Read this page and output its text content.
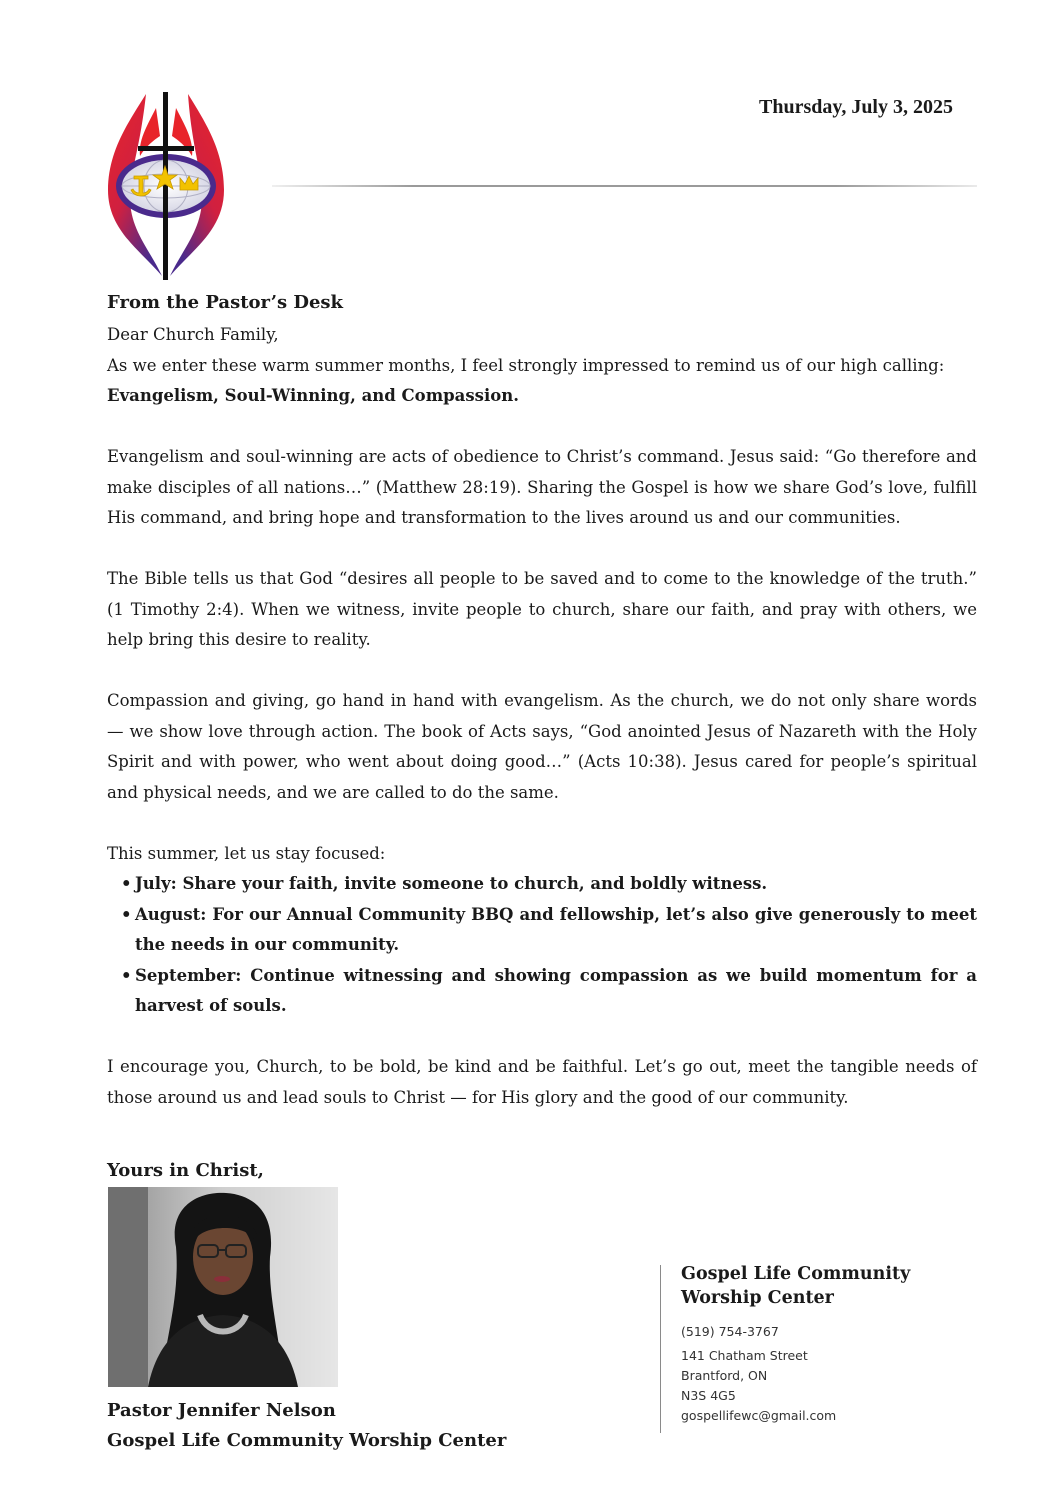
Thursday, July 3, 2025

From the Pastor’s Desk

Dear Church Family,

As we enter these warm summer months, I feel strongly impressed to remind us of our high calling:
Evangelism, Soul-Winning, and Compassion.

Evangelism and soul-winning are acts of obedience to Christ’s command. Jesus said: “Go therefore and make disciples of all nations…” (Matthew 28:19). Sharing the Gospel is how we share God’s love, fulfill His command, and bring hope and transformation to the lives around us and our communities.

The Bible tells us that God “desires all people to be saved and to come to the knowledge of the truth.” (1 Timothy 2:4). When we witness, invite people to church, share our faith, and pray with others, we help bring this desire to reality.

Compassion and giving, go hand in hand with evangelism. As the church, we do not only share words — we show love through action. The book of Acts says, “God anointed Jesus of Nazareth with the Holy Spirit and with power, who went about doing good…” (Acts 10:38). Jesus cared for people’s spiritual and physical needs, and we are called to do the same.

This summer, let us stay focused:

• July: Share your faith, invite someone to church, and boldly witness.
• August: For our Annual Community BBQ and fellowship, let’s also give generously to meet the needs in our community.
• September: Continue witnessing and showing compassion as we build momentum for a harvest of souls.

I encourage you, Church, to be bold, be kind and be faithful. Let’s go out, meet the tangible needs of those around us and lead souls to Christ — for His glory and the good of our community.

Yours in Christ,
Pastor Jennifer Nelson
Gospel Life Community Worship Center

Gospel Life Community

Worship Center

(519) 754-3767

141 Chatham Street

Brantford, ON

N3S 4G5

gospellifewc@gmail.com
